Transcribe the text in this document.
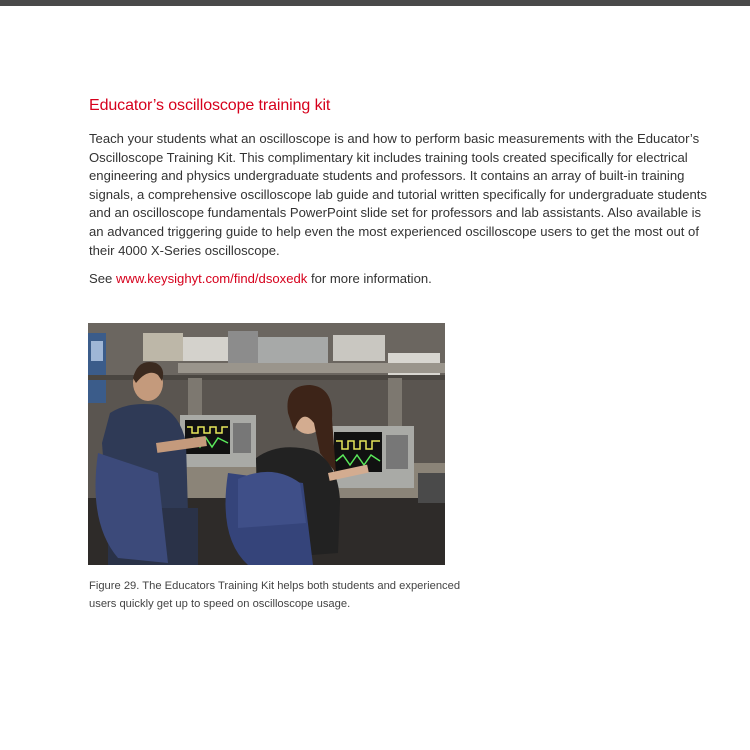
Educator’s oscilloscope training kit

Teach your students what an oscilloscope is and how to perform basic measurements with the Educator’s Oscilloscope Training Kit. This complimentary kit includes training tools created specifically for electrical engineering and physics undergraduate students and professors. It contains an array of built-in training signals, a comprehensive oscilloscope lab guide and tutorial written specifically for undergraduate students and an oscilloscope fundamentals PowerPoint slide set for professors and lab assistants. Also available is an advanced triggering guide to help even the most experienced oscilloscope users to get the most out of their 4000 X-Series oscilloscope.

See www.keysighyt.com/find/dsoxedk for more information.
Figure 29. The Educators Training Kit helps both students and experienced
users quickly get up to speed on oscilloscope usage.
